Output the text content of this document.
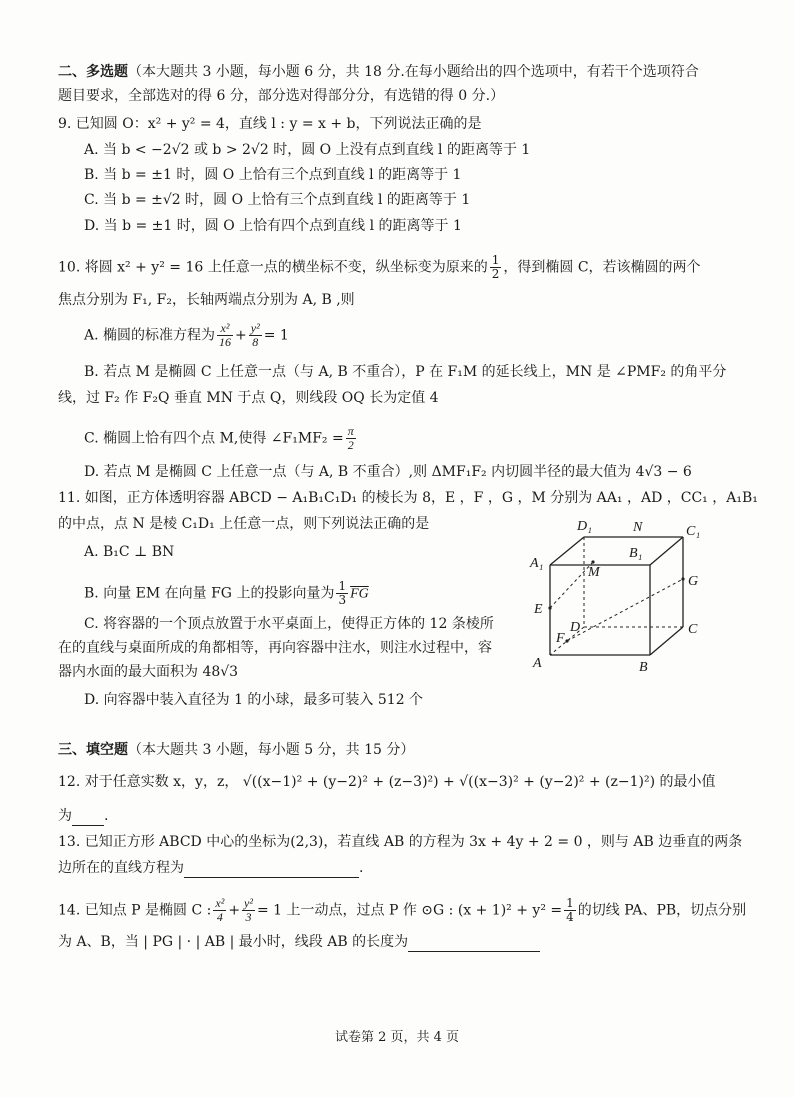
二、多选题（本大题共 3 小题，每小题 6 分，共 18 分.在每小题给出的四个选项中，有若干个选项符合
题目要求，全部选对的得 6 分，部分选对得部分分，有选错的得 0 分.）
9. 已知圆 O：x² + y² = 4，直线 l : y = x + b，下列说法正确的是
A. 当 b < −2√2 或 b > 2√2 时，圆 O 上没有点到直线 l 的距离等于 1
B. 当 b = ±1 时，圆 O 上恰有三个点到直线 l 的距离等于 1
C. 当 b = ±√2 时，圆 O 上恰有三个点到直线 l 的距离等于 1
D. 当 b = ±1 时，圆 O 上恰有四个点到直线 l 的距离等于 1
10. 将圆 x² + y² = 16 上任意一点的横坐标不变，纵坐标变为原来的 $\frac{1}{2}$ ，得到椭圆 C，若该椭圆的两个
焦点分别为 F₁, F₂，长轴两端点分别为 A, B ,则
A. 椭圆的标准方程为 $\frac{\text{x²}}{16} + \frac{\text{y²}}{8} = 1$
B. 若点 M 是椭圆 C 上任意一点（与 A, B 不重合），P 在 F₁M 的延长线上，MN 是 ∠PMF₂ 的角平分
线，过 F₂ 作 F₂Q 垂直 MN 于点 Q，则线段 OQ 长为定值 4
C. 椭圆上恰有四个点 M,使得 ∠F₁MF₂ = $\frac{\pi}{2}$
D. 若点 M 是椭圆 C 上任意一点（与 A, B 不重合）,则 ΔMF₁F₂ 内切圆半径的最大值为 4√3 − 6
11. 如图，正方体透明容器 ABCD − A₁B₁C₁D₁ 的棱长为 8，E ，F ，G ，M 分别为 AA₁ ，AD ，CC₁ ，A₁B₁
的中点，点 N 是棱 C₁D₁ 上任意一点，则下列说法正确的是
A. B₁C ⊥ BN
B. 向量 EM 在向量 FG 上的投影向量为 $\frac{1}{3} \overline{FG}$
C. 将容器的一个顶点放置于水平桌面上，使得正方体的 12 条棱所
在的直线与桌面所成的角都相等，再向容器中注水，则注水过程中，容
器内水面的最大面积为 48√3
D. 向容器中装入直径为 1 的小球，最多可装入 512 个
A	B
C
D
A₁
B₁
C₁
D₁
E
F
G
M
N
三、填空题（本大题共 3 小题，每小题 5 分，共 15 分）
12. 对于任意实数 x，y，z， √((x−1)² + (y−2)² + (z−3)²) + √((x−3)² + (y−2)² + (z−1)²) 的最小值
为 .
13. 已知正方形 ABCD 中心的坐标为(2,3)，若直线 AB 的方程为 3x + 4y + 2 = 0 ，则与 AB 边垂直的两条
边所在的直线方程为	.
14. 已知点 P 是椭圆 C : $\frac{\text{x²}}{4} + \frac{\text{y²}}{3} = 1$ 上一动点，过点 P 作 ⊙G : $(x + 1)^2 + y^2 = \frac{1}{4}$ 的切线 PA、PB，切点分别
为 A、B，当 | PG | · | AB | 最小时，线段 AB 的长度为
试卷第 2 页，共 4 页
